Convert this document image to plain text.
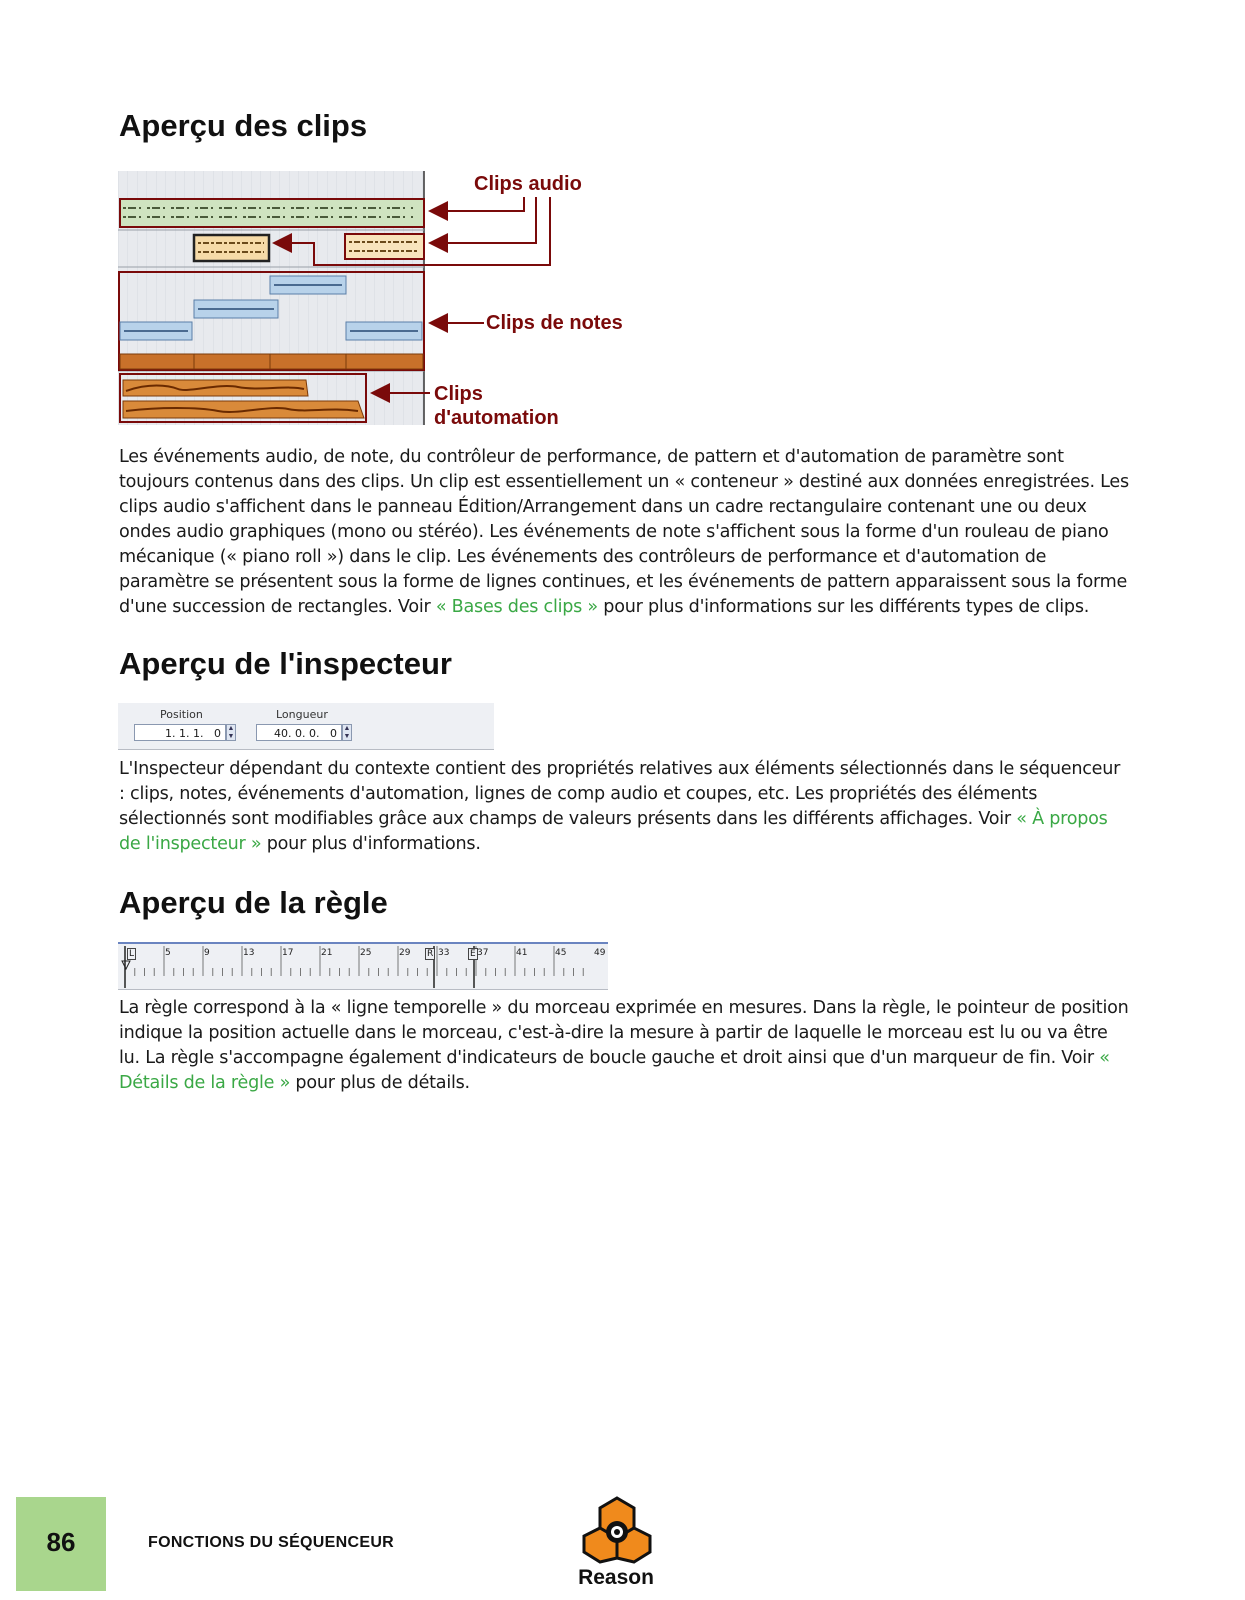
Aperçu des clips
Clips audio
Clips de notes
Clips
d'automation

Les événements audio, de note, du contrôleur de performance, de pattern et d'automation de paramètre sont toujours contenus dans des clips. Un clip est essentiellement un « conteneur » destiné aux données enregistrées. Les clips audio s'affichent dans le panneau Édition/Arrangement dans un cadre rectangulaire contenant une ou deux ondes audio graphiques (mono ou stéréo). Les événements de note s'affichent sous la forme d'un rouleau de piano mécanique (« piano roll ») dans le clip. Les événements des contrôleurs de performance et d'automation de paramètre se présentent sous la forme de lignes continues, et les événements de pattern apparaissent sous la forme d'une succession de rectangles. Voir « Bases des clips » pour plus d'informations sur les différents types de clips.

Aperçu de l'inspecteur
Position
1. 1. 1.   0 ▲
▼
Longueur
40. 0. 0.   0 ▲
▼

L'Inspecteur dépendant du contexte contient des propriétés relatives aux éléments sélectionnés dans le séquenceur : clips, notes, événements d'automation, lignes de comp audio et coupes, etc. Les propriétés des éléments sélectionnés sont modifiables grâce aux champs de valeurs présents dans les différents affichages. Voir « À propos de l'inspecteur » pour plus d'informations.

Aperçu de la règle
L	R	E
5	9	13	17	21	25	29	33	37	41	45	49

La règle correspond à la « ligne temporelle » du morceau exprimée en mesures. Dans la règle, le pointeur de position indique la position actuelle dans le morceau, c'est-à-dire la mesure à partir de laquelle le morceau est lu ou va être lu. La règle s'accompagne également d'indicateurs de boucle gauche et droit ainsi que d'un marqueur de fin. Voir « Détails de la règle » pour plus de détails.

86	FONCTIONS DU SÉQUENCEUR
Reason
